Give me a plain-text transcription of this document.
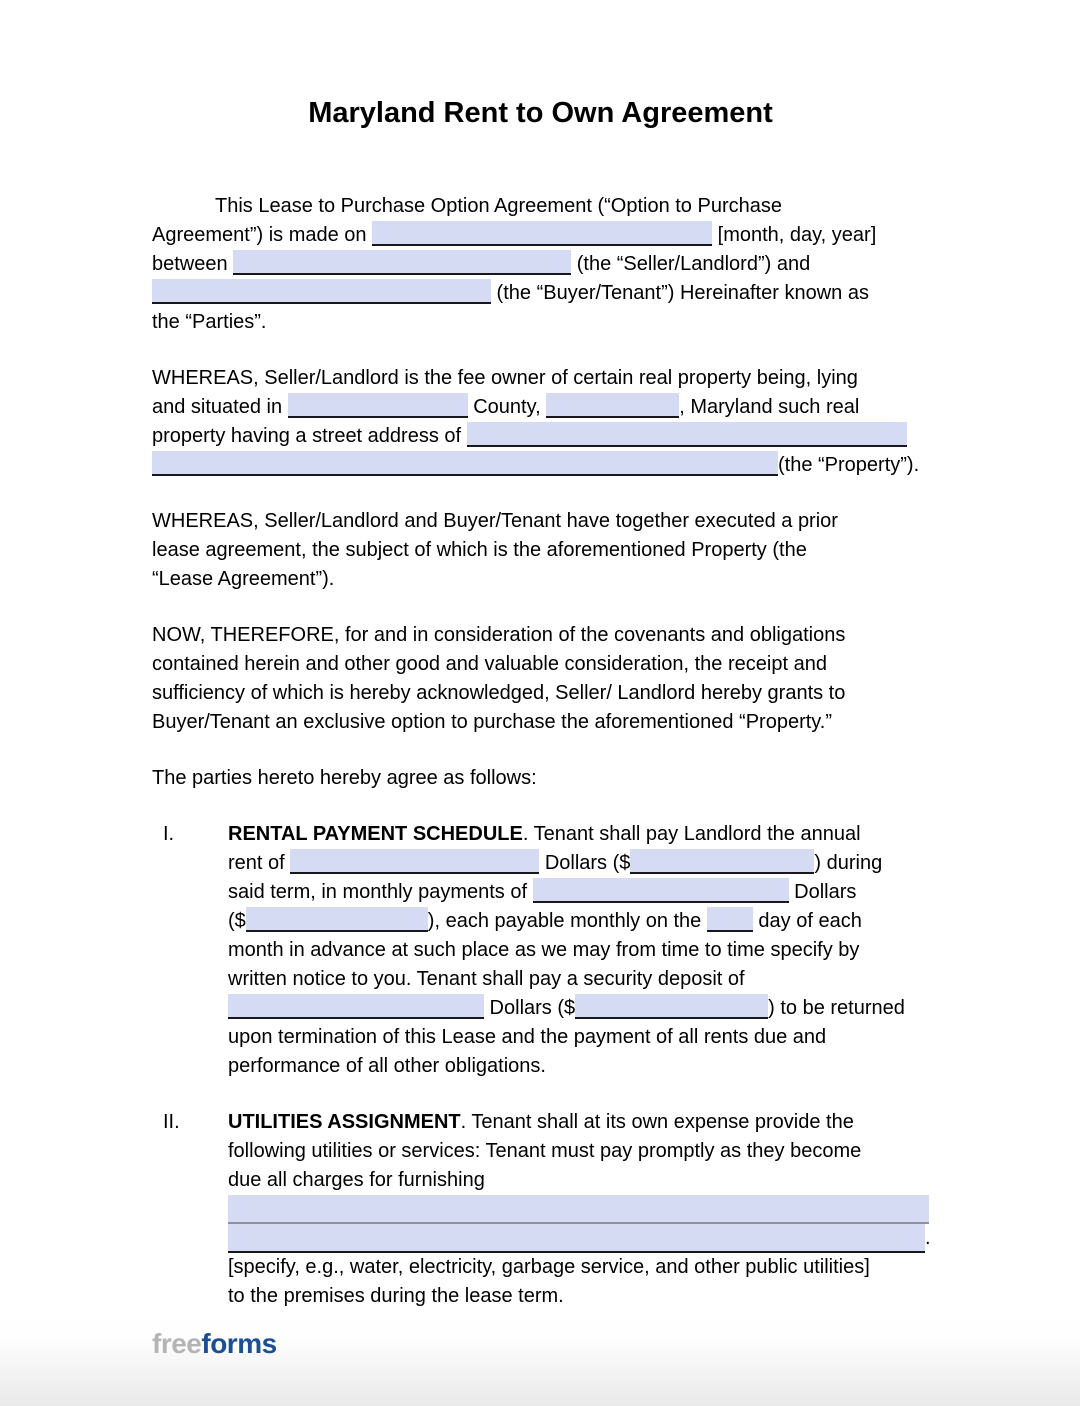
Maryland Rent to Own Agreement
This Lease to Purchase Option Agreement (“Option to Purchase
Agreement”) is made on	[month, day, year]
between	(the “Seller/Landlord”) and
(the “Buyer/Tenant”) Hereinafter known as
the “Parties”.
WHEREAS, Seller/Landlord is the fee owner of certain real property being, lying
and situated in	County,	, Maryland such real
property having a street address of
(the “Property”).
WHEREAS, Seller/Landlord and Buyer/Tenant have together executed a prior
lease agreement, the subject of which is the aforementioned Property (the
“Lease Agreement”).
NOW, THEREFORE, for and in consideration of the covenants and obligations
contained herein and other good and valuable consideration, the receipt and
sufficiency of which is hereby acknowledged, Seller/ Landlord hereby grants to
Buyer/Tenant an exclusive option to purchase the aforementioned “Property.”
The parties hereto hereby agree as follows:
I.	RENTAL PAYMENT SCHEDULE. Tenant shall pay Landlord the annual
rent of	Dollars ($	) during
said term, in monthly payments of	Dollars
($	), each payable monthly on the  day of each
month in advance at such place as we may from time to time specify by
written notice to you. Tenant shall pay a security deposit of
Dollars ($	) to be returned
upon termination of this Lease and the payment of all rents due and
performance of all other obligations.
II.	UTILITIES ASSIGNMENT. Tenant shall at its own expense provide the
following utilities or services: Tenant must pay promptly as they become
due all charges for furnishing
.
[specify, e.g., water, electricity, garbage service, and other public utilities]
to the premises during the lease term.
freeforms
